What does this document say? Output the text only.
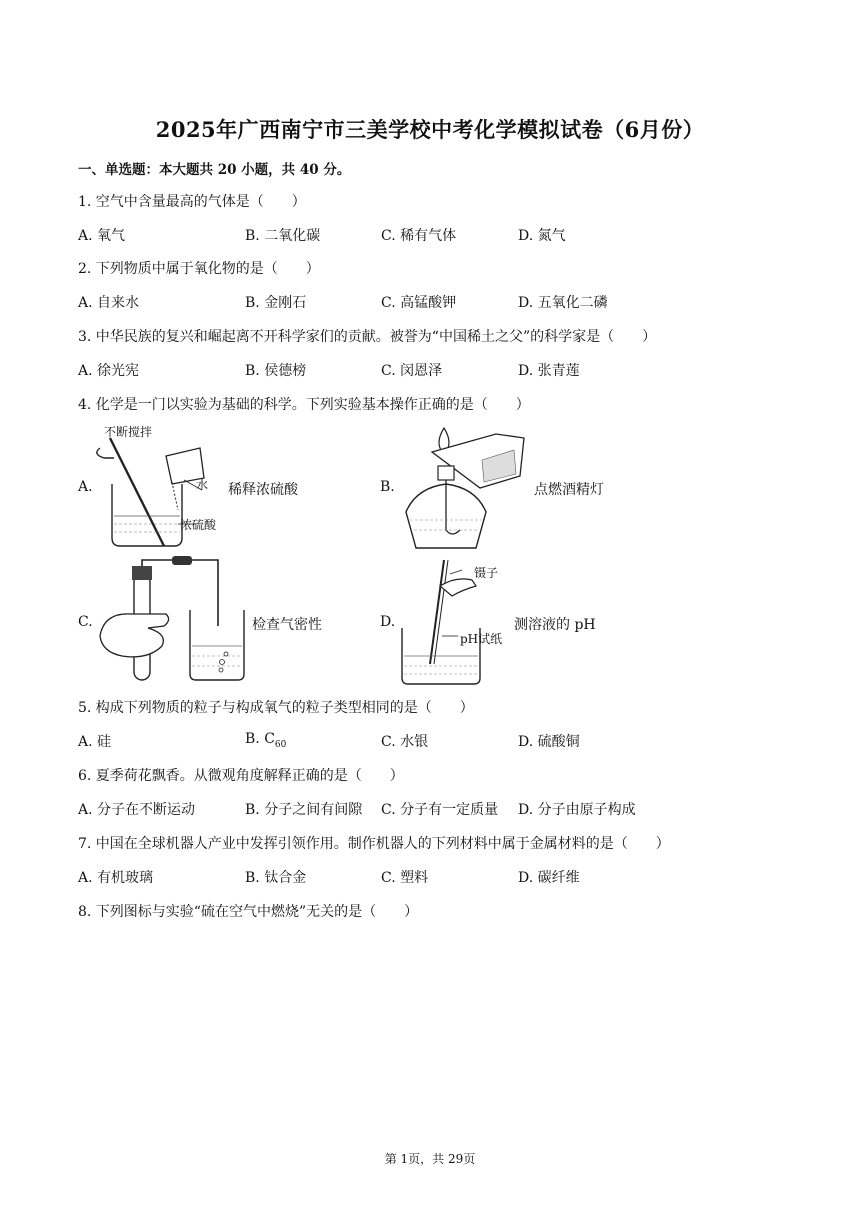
2025年广西南宁市三美学校中考化学模拟试卷（6月份）
一、单选题：本大题共 20 小题，共 40 分。
1. 空气中含量最高的气体是（　　）
A. 氧气	B. 二氧化碳	C. 稀有气体	D. 氮气
2. 下列物质中属于氧化物的是（　　）
A. 自来水	B. 金刚石	C. 高锰酸钾	D. 五氧化二磷
3. 中华民族的复兴和崛起离不开科学家们的贡献。被誉为“中国稀土之父”的科学家是（　　）
A. 徐光宪	B. 侯德榜	C. 闵恩泽	D. 张青莲
4. 化学是一门以实验为基础的科学。下列实验基本操作正确的是（　　）
A.
不断搅拌
水
浓硫酸
稀释浓硫酸	B.	点燃酒精灯
C.	检查气密性	D.
镊子
pH试纸
测溶液的 pH
5. 构成下列物质的粒子与构成氧气的粒子类型相同的是（　　）
A. 硅	B. $C_{60}$	C. 水银	D. 硫酸铜
6. 夏季荷花飘香。从微观角度解释正确的是（　　）
A. 分子在不断运动	B. 分子之间有间隙 C. 分子有一定质量 D. 分子由原子构成
7. 中国在全球机器人产业中发挥引领作用。制作机器人的下列材料中属于金属材料的是（　　）
A. 有机玻璃	B. 钛合金	C. 塑料	D. 碳纤维
8. 下列图标与实验“硫在空气中燃烧”无关的是（　　）
第 1页，共 29页
